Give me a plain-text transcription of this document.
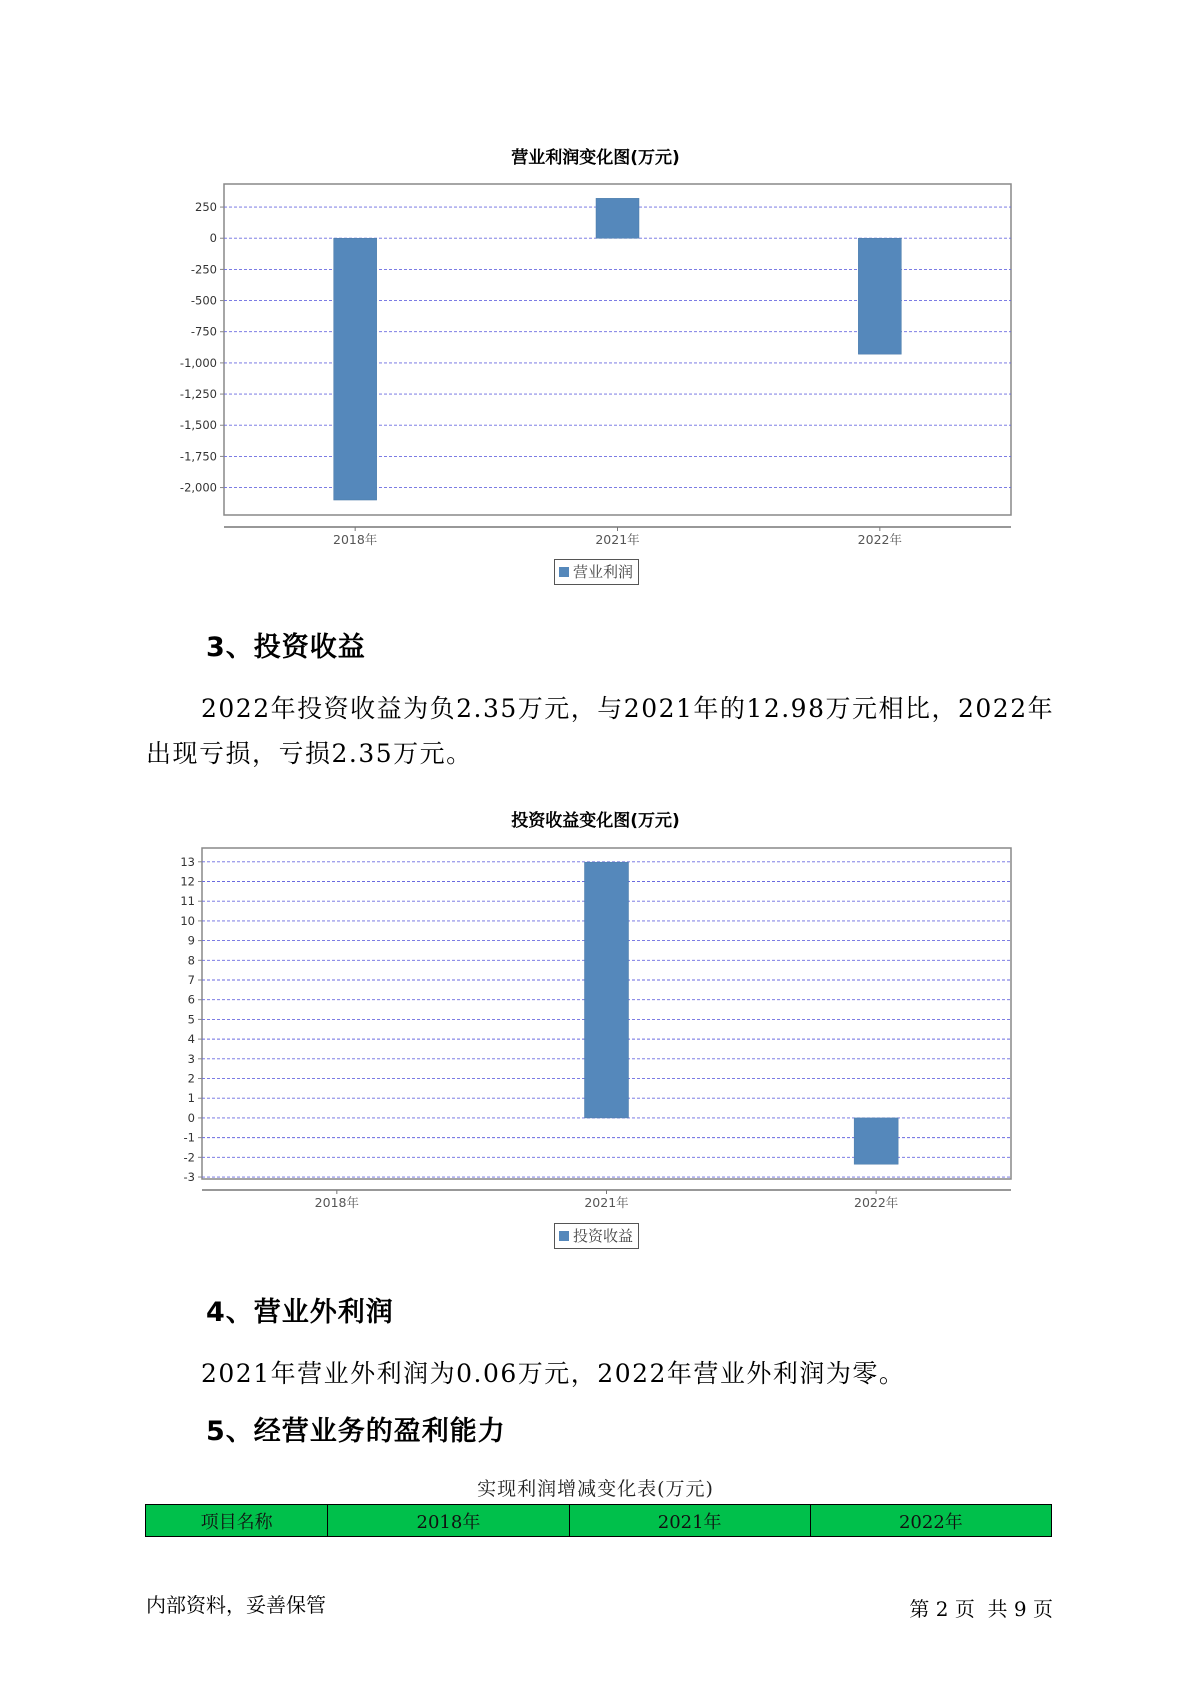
营业利润变化图(万元)
250
0
-250
-500
-750
-1,000
-1,250
-1,500
-1,750
-2,000
2018年	2021年	2022年
营业利润
3、投资收益

2022年投资收益为负2.35万元，与2021年的12.98万元相比，2022年出现亏损，亏损2.35万元。

投资收益变化图(万元)
13
12
11
10
9
8
7
6
5
4
3
2
1
0
-1
-2
-3
2018年	2021年	2022年
投资收益
4、营业外利润

2021年营业外利润为0.06万元，2022年营业外利润为零。

5、经营业务的盈利能力
实现利润增减变化表(万元)
项目名称	2018年	2021年	2022年
内部资料，妥善保管	第 2 页  共 9 页
